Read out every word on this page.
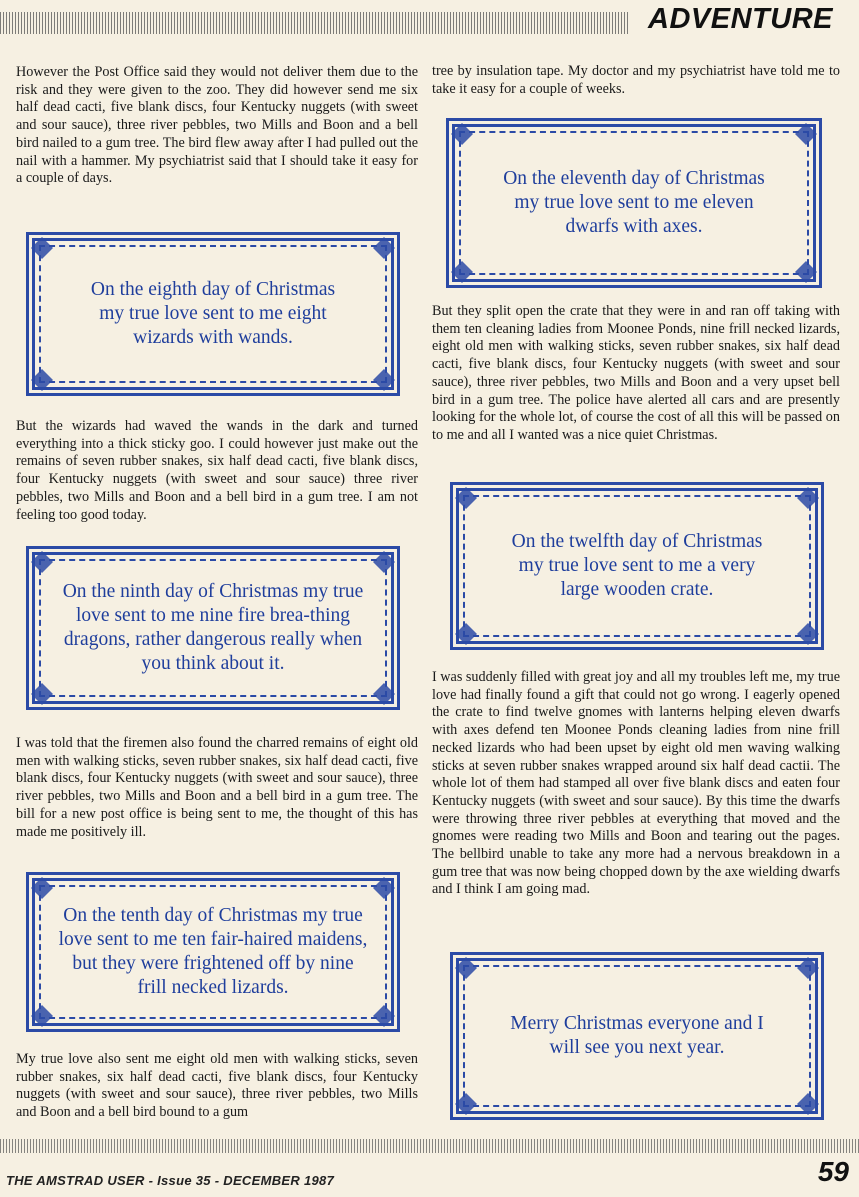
ADVENTURE

However the Post Office said they would not deliver them due to the risk and they were given to the zoo. They did however send me six half dead cacti, five blank discs, four Kentucky nuggets (with sweet and sour sauce), three river pebbles, two Mills and Boon and a bell bird nailed to a gum tree. The bird flew away after I had pulled out the nail with a hammer. My psychiatrist said that I should take it easy for a couple of days.

On the eighth day of Christmas my true love sent to me eight wizards with wands.

But the wizards had waved the wands in the dark and turned everything into a thick sticky goo. I could however just make out the remains of seven rubber snakes, six half dead cacti, five blank discs, four Kentucky nuggets (with sweet and sour sauce) three river pebbles, two Mills and Boon and a bell bird in a gum tree. I am not feeling too good today.

On the ninth day of Christmas my true love sent to me nine fire brea-thing dragons, rather dangerous really when you think about it.

I was told that the firemen also found the charred remains of eight old men with walking sticks, seven rubber snakes, six half dead cacti, five blank discs, four Kentucky nuggets (with sweet and sour sauce), three river pebbles, two Mills and Boon and a bell bird in a gum tree. The bill for a new post office is being sent to me, the thought of this has made me positively ill.

On the tenth day of Christmas my true love sent to me ten fair-haired maidens, but they were frightened off by nine frill necked lizards.

My true love also sent me eight old men with walking sticks, seven rubber snakes, six half dead cacti, five blank discs, four Kentucky nuggets (with sweet and sour sauce), three river pebbles, two Mills and Boon and a bell bird bound to a gum

tree by insulation tape. My doctor and my psychiatrist have told me to take it easy for a couple of weeks.

On the eleventh day of Christmas my true love sent to me eleven dwarfs with axes.

But they split open the crate that they were in and ran off taking with them ten cleaning ladies from Moonee Ponds, nine frill necked lizards, eight old men with walking sticks, seven rubber snakes, six half dead cacti, five blank discs, four Kentucky nuggets (with sweet and sour sauce), three river pebbles, two Mills and Boon and a very upset bell bird in a gum tree. The police have alerted all cars and are presently looking for the whole lot, of course the cost of all this will be passed on to me and all I wanted was a nice quiet Christmas.

On the twelfth day of Christmas my true love sent to me a very large wooden crate.

I was suddenly filled with great joy and all my troubles left me, my true love had finally found a gift that could not go wrong. I eagerly opened the crate to find twelve gnomes with lanterns helping eleven dwarfs with axes defend ten Moonee Ponds cleaning ladies from nine frill necked lizards who had been upset by eight old men waving walking sticks at seven rubber snakes wrapped around six half dead cactii. The whole lot of them had stamped all over five blank discs and eaten four Kentucky nuggets (with sweet and sour sauce). By this time the dwarfs were throwing three river pebbles at everything that moved and the gnomes were reading two Mills and Boon and tearing out the pages. The bellbird unable to take any more had a nervous breakdown in a gum tree that was now being chopped down by the axe wielding dwarfs and I think I am going mad.

Merry Christmas everyone and I will see you next year.
THE AMSTRAD USER - Issue 35 - DECEMBER 1987	59
